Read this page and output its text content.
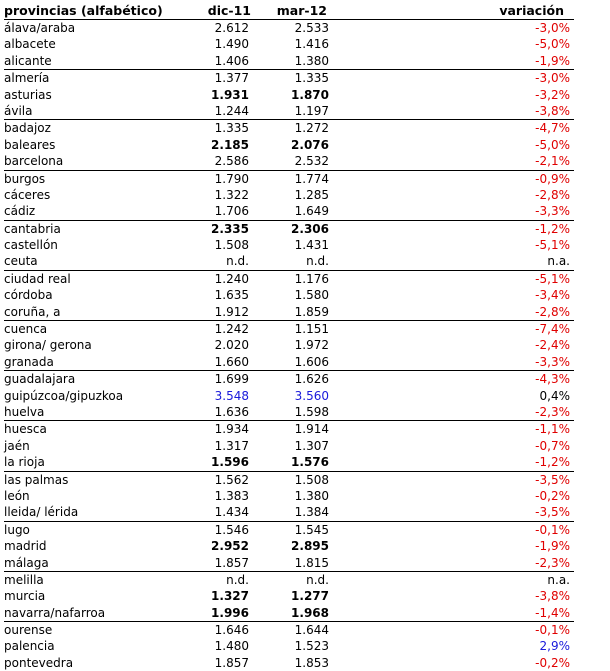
provincias (alfabético)	dic-11 mar-12	variación
álava/araba	2.612	2.533	-3,0%
albacete	1.490	1.416	-5,0%
alicante	1.406	1.380	-1,9%
almería	1.377	1.335	-3,0%
asturias	1.931	1.870	-3,2%
ávila	1.244	1.197	-3,8%
badajoz	1.335	1.272	-4,7%
baleares	2.185	2.076	-5,0%
barcelona	2.586	2.532	-2,1%
burgos	1.790	1.774	-0,9%
cáceres	1.322	1.285	-2,8%
cádiz	1.706	1.649	-3,3%
cantabria	2.335	2.306	-1,2%
castellón	1.508	1.431	-5,1%
ceuta	n.d.	n.d.	n.a.
ciudad real	1.240	1.176	-5,1%
córdoba	1.635	1.580	-3,4%
coruña, a	1.912	1.859	-2,8%
cuenca	1.242	1.151	-7,4%
girona/ gerona	2.020	1.972	-2,4%
granada	1.660	1.606	-3,3%
guadalajara	1.699	1.626	-4,3%
guipúzcoa/gipuzkoa	3.548	3.560	0,4%
huelva	1.636	1.598	-2,3%
huesca	1.934	1.914	-1,1%
jaén	1.317	1.307	-0,7%
la rioja	1.596	1.576	-1,2%
las palmas	1.562	1.508	-3,5%
león	1.383	1.380	-0,2%
lleida/ lérida	1.434	1.384	-3,5%
lugo	1.546	1.545	-0,1%
madrid	2.952	2.895	-1,9%
málaga	1.857	1.815	-2,3%
melilla	n.d.	n.d.	n.a.
murcia	1.327	1.277	-3,8%
navarra/nafarroa	1.996	1.968	-1,4%
ourense	1.646	1.644	-0,1%
palencia	1.480	1.523	2,9%
pontevedra	1.857	1.853	-0,2%
